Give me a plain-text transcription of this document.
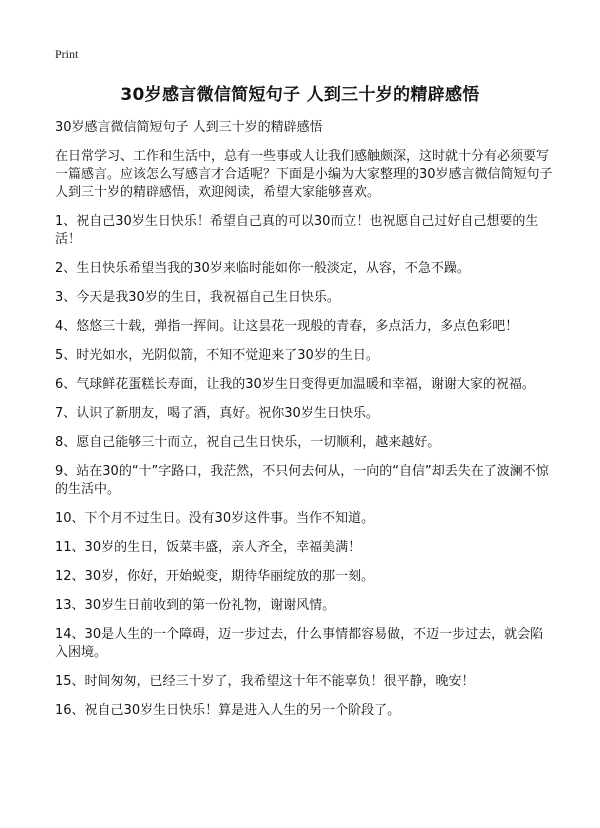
Print
30岁感言微信简短句子 人到三十岁的精辟感悟

30岁感言微信简短句子 人到三十岁的精辟感悟

在日常学习、工作和生活中，总有一些事或人让我们感触颇深，这时就十分有必须要写一篇感言。应该怎么写感言才合适呢？下面是小编为大家整理的30岁感言微信简短句子 人到三十岁的精辟感悟，欢迎阅读，希望大家能够喜欢。

1、祝自己30岁生日快乐！希望自己真的可以30而立！也祝愿自己过好自己想要的生活！

2、生日快乐希望当我的30岁来临时能如你一般淡定，从容，不急不躁。

3、今天是我30岁的生日，我祝福自己生日快乐。

4、悠悠三十载，弹指一挥间。让这昙花一现般的青春，多点活力，多点色彩吧！

5、时光如水，光阴似箭，不知不觉迎来了30岁的生日。

6、气球鲜花蛋糕长寿面，让我的30岁生日变得更加温暖和幸福，谢谢大家的祝福。

7、认识了新朋友，喝了酒，真好。祝你30岁生日快乐。

8、愿自己能够三十而立，祝自己生日快乐，一切顺利，越来越好。

9、站在30的“十”字路口，我茫然，不只何去何从，一向的“自信”却丢失在了波澜不惊的生活中。

10、下个月不过生日。没有30岁这件事。当作不知道。

11、30岁的生日，饭菜丰盛，亲人齐全，幸福美满！

12、30岁，你好，开始蜕变，期待华丽绽放的那一刻。

13、30岁生日前收到的第一份礼物，谢谢风情。

14、30是人生的一个障碍，迈一步过去，什么事情都容易做，不迈一步过去，就会陷入困境。

15、时间匆匆，已经三十岁了，我希望这十年不能辜负！很平静，晚安！

16、祝自己30岁生日快乐！算是进入人生的另一个阶段了。
